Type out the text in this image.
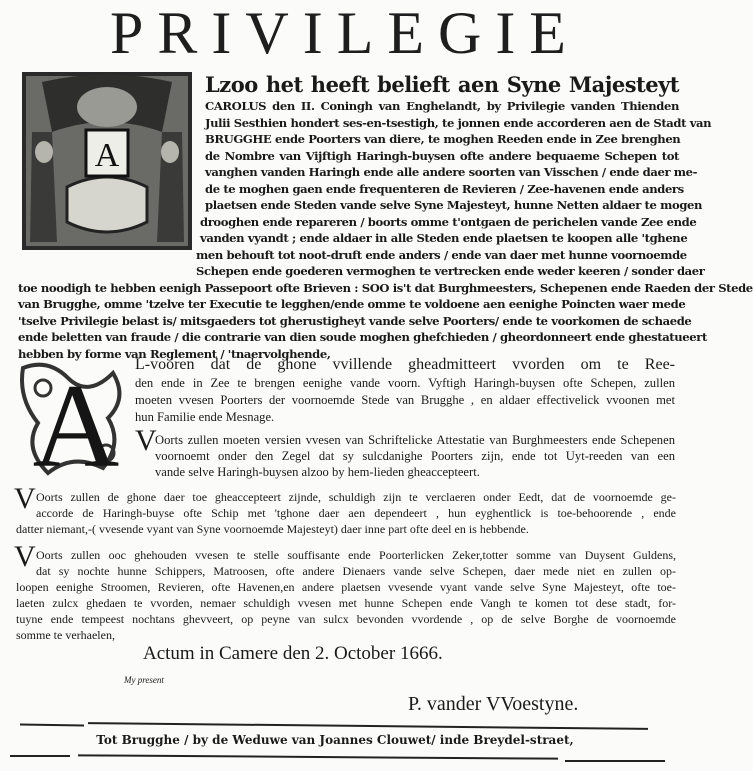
PRIVILEGIE
A
Lzoo het heeft belieft aen Syne Majesteyt
CAROLUS den II. Coningh van Enghelandt, by Privilegie vanden Thienden
Julii Sesthien hondert ses-en-tsestigh, te jonnen ende accorderen aen de Stadt van
BRUGGHE ende Poorters van diere, te moghen Reeden ende in Zee brenghen
de Nombre van Vijftigh Haringh-buysen ofte andere bequaeme Schepen tot
vanghen vanden Haringh ende alle andere soorten van Visschen / ende daer me-
de te moghen gaen ende frequenteren de Revieren / Zee-havenen ende anders
plaetsen ende Steden vande selve Syne Majesteyt, hunne Netten aldaer te mogen
drooghen ende repareren / boorts omme t'ontgaen de perichelen vande Zee ende
vanden vyandt ; ende aldaer in alle Steden ende plaetsen te koopen alle 'tghene
men behouft tot noot-druft ende anders / ende van daer met hunne voornoemde
Schepen ende goederen vermoghen te vertrecken ende weder keeren / sonder daer
toe noodigh te hebben eenigh Passepoort ofte Brieven : SOO is't dat Burghmeesters, Schepenen ende Raeden der Stede
van Brugghe, omme 'tzelve ter Executie te legghen/ende omme te voldoene aen eenighe Poincten waer mede
'tselve Privilegie belast is/ mitsgaeders tot gherustigheyt vande selve Poorters/ ende te voorkomen de schaede
ende beletten van fraude / die contrarie van dien soude moghen ghefchieden / gheordonneert ende ghestatueert
hebben by forme van Reglement / 'tnaervolghende,
A L-vooren dat de ghone vvillende gheadmitteert vvorden om te Ree-
den ende in Zee te brengen eenighe vande voorn. Vyftigh Haringh-buysen ofte Schepen, zullen
moeten vvesen Poorters der voornoemde Stede van Brugghe , en aldaer effectivelick vvoonen met
hun Familie ende Mesnage.
V
Oorts zullen moeten versien vvesen van Schriftelicke Attestatie van Burghmeesters ende Schepenen
voornoemt onder den Zegel dat sy sulcdanighe Poorters zijn, ende tot Uyt-reeden van een
vande selve Haringh-buysen alzoo by hem-lieden gheaccepteert.
V Oorts zullen de ghone daer toe gheaccepteert zijnde, schuldigh zijn te verclaeren onder Eedt, dat de voornoemde ge-
accorde de Haringh-buyse ofte Schip met 'tghone daer aen dependeert , hun eyghentlick is toe-behoorende , ende
datter niemant,-( vvesende vyant van Syne voornoemde Majesteyt) daer inne part ofte deel en is hebbende.
V Oorts zullen ooc ghehouden vvesen te stelle souffisante ende Poorterlicken Zeker,totter somme van Duysent Guldens,
dat sy nochte hunne Schippers, Matroosen, ofte andere Dienaers vande selve Schepen, daer mede niet en zullen op-
loopen eenighe Stroomen, Revieren, ofte Havenen,en andere plaetsen vvesende vyant vande selve Syne Majesteyt, ofte toe-
laeten zulcx ghedaen te vvorden, nemaer schuldigh vvesen met hunne Schepen ende Vangh te komen tot dese stadt, for-
tuyne ende tempeest nochtans ghevveert, op peyne van sulcx bevonden vvordende , op de selve Borghe de voornoemde
somme te verhaelen,
Actum in Camere den 2. October 1666.
My present
P. vander VVoestyne.
Tot Brugghe / by de Weduwe van Joannes Clouwet/ inde Breydel-straet,
